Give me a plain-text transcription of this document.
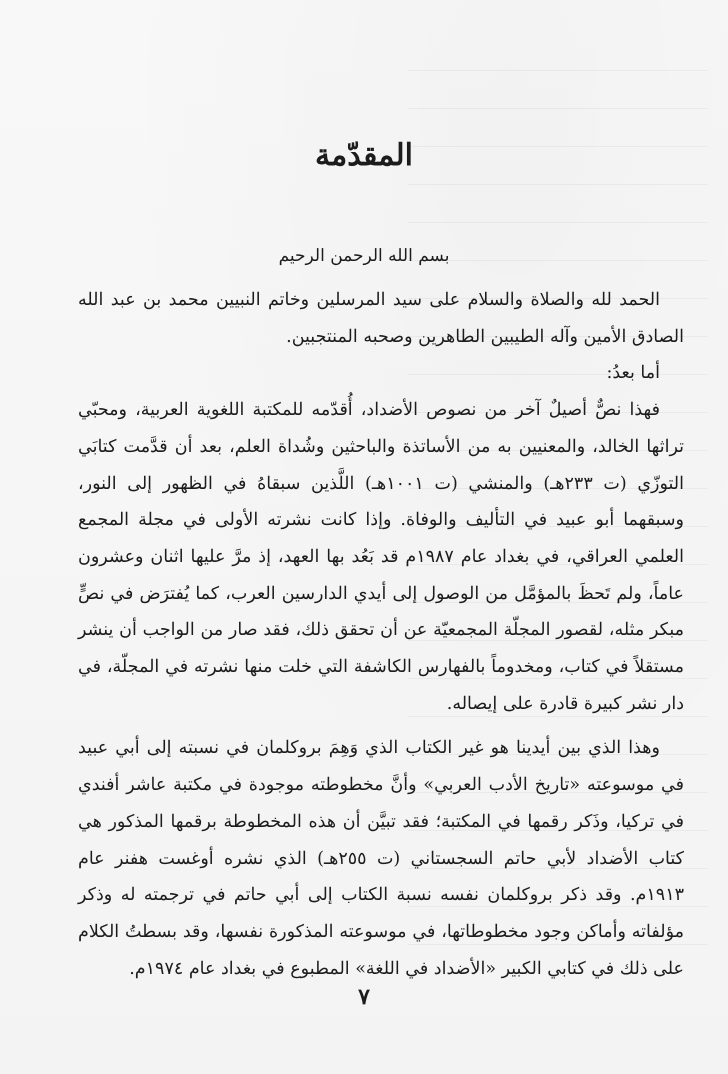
المقدّمة
بسم الله الرحمن الرحيم

الحمد لله والصلاة والسلام على سيد المرسلين وخاتم النبيين محمد بن عبد الله الصادق الأمين وآله الطيبين الطاهرين وصحبه المنتجبين.

أما بعدُ:

فهذا نصٌّ أصيلٌ آخر من نصوص الأضداد، أُقدّمه للمكتبة اللغوية العربية، ومحبّي تراثها الخالد، والمعنيين به من الأساتذة والباحثين وشُداة العلم، بعد أن قدَّمت كتابَي التوزّي (ت ٢٣٣هـ) والمنشي (ت ١٠٠١هـ) اللَّذين سبقاهُ في الظهور إلى النور، وسبقهما أبو عبيد في التأليف والوفاة. وإذا كانت نشرته الأولى في مجلة المجمع العلمي العراقي، في بغداد عام ١٩٨٧م قد بَعُد بها العهد، إذ مرَّ عليها اثنان وعشرون عاماً، ولم تَحظَ بالمؤمَّل من الوصول إلى أيدي الدارسين العرب، كما يُفترَض في نصٍّ مبكر مثله، لقصور المجلّة المجمعيّة عن أن تحقق ذلك، فقد صار من الواجب أن ينشر مستقلاً في كتاب، ومخدوماً بالفهارس الكاشفة التي خلت منها نشرته في المجلّة، في دار نشر كبيرة قادرة على إيصاله.

وهذا الذي بين أيدينا هو غير الكتاب الذي وَهِمَ بروكلمان في نسبته إلى أبي عبيد في موسوعته «تاريخ الأدب العربي» وأنَّ مخطوطته موجودة في مكتبة عاشر أفندي في تركيا، وذَكر رقمها في المكتبة؛ فقد تبيَّن أن هذه المخطوطة برقمها المذكور هي كتاب الأضداد لأبي حاتم السجستاني (ت ٢٥٥هـ) الذي نشره أوغست هفنر عام ١٩١٣م. وقد ذكر بروكلمان نفسه نسبة الكتاب إلى أبي حاتم في ترجمته له وذكر مؤلفاته وأماكن وجود مخطوطاتها، في موسوعته المذكورة نفسها، وقد بسطتُ الكلام على ذلك في كتابي الكبير «الأضداد في اللغة» المطبوع في بغداد عام ١٩٧٤م.

٧
